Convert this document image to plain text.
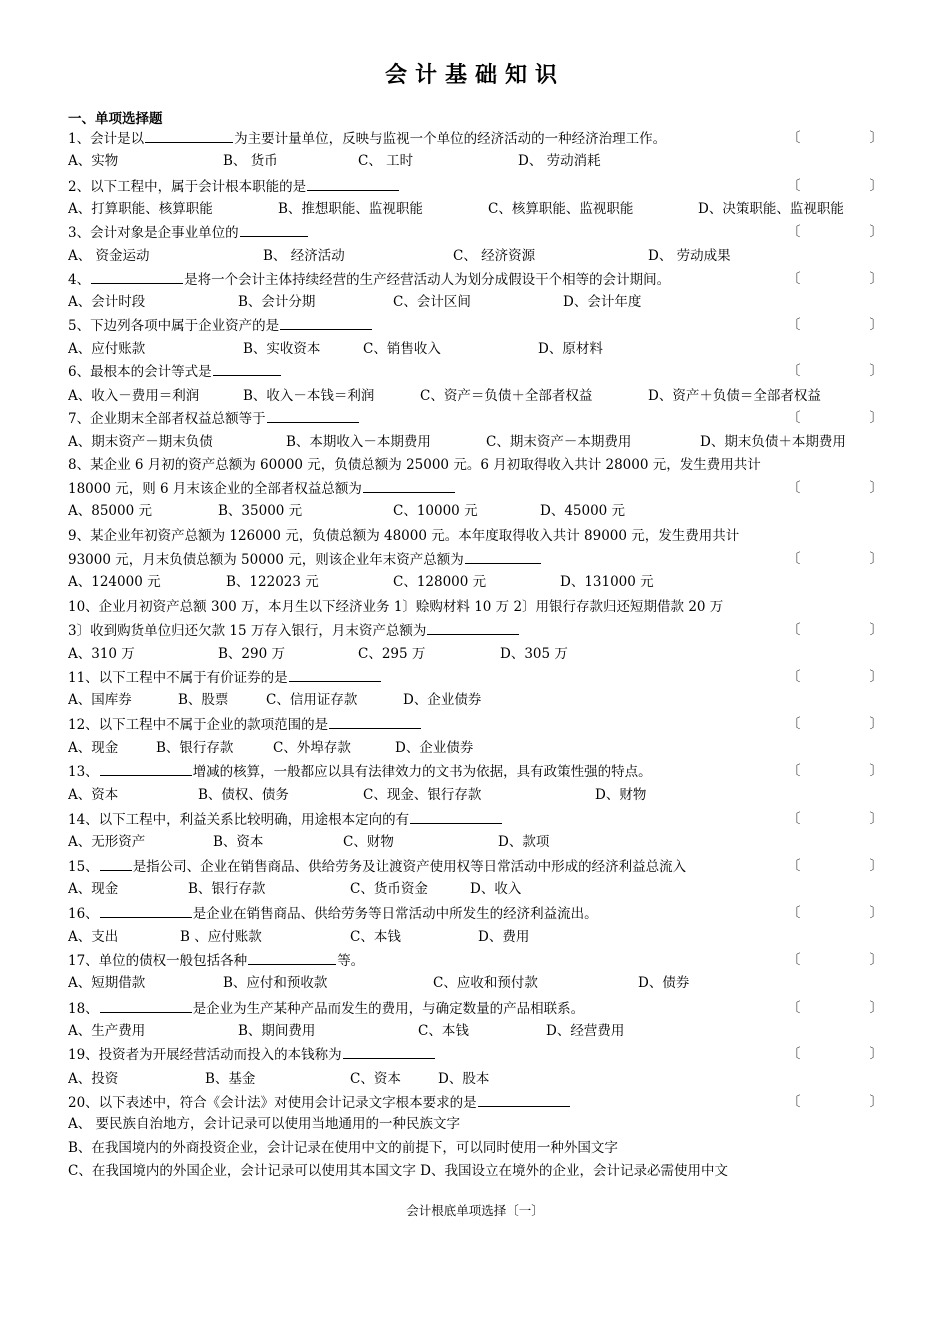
会计基础知识
一、单项选择题
1、会计是以	为主要计量单位，反映与监视一个单位的经济活动的一种经济治理工作。	〔	〕
A、实物	B、 货币	C、 工时	D、 劳动消耗
2、以下工程中，属于会计根本职能的是	〔	〕
A、打算职能、核算职能	B、推想职能、监视职能	C、核算职能、监视职能	D、决策职能、监视职能
3、会计对象是企事业单位的	〔	〕
A、 资金运动	B、 经济活动	C、 经济资源	D、 劳动成果
4、	是将一个会计主体持续经营的生产经营活动人为划分成假设干个相等的会计期间。	〔	〕
A、会计时段	B、会计分期	C、会计区间	D、会计年度
5、下边列各项中属于企业资产的是	〔	〕
A、应付账款	B、实收资本	C、销售收入	D、原材料
6、最根本的会计等式是	〔	〕
A、收入－费用＝利润	B、收入－本钱＝利润	C、资产＝负债＋全部者权益	D、资产＋负债＝全部者权益
7、企业期末全部者权益总额等于	〔	〕
A、期末资产－期末负债	B、本期收入－本期费用	C、期末资产－本期费用	D、期末负债＋本期费用
8、某企业 6 月初的资产总额为 60000 元，负债总额为 25000 元。6 月初取得收入共计 28000 元，发生费用共计
18000 元，则 6 月末该企业的全部者权益总额为	〔	〕
A、85000 元	B、35000 元	C、10000 元	D、45000 元
9、某企业年初资产总额为 126000 元，负债总额为 48000 元。本年度取得收入共计 89000 元，发生费用共计
93000 元，月末负债总额为 50000 元，则该企业年末资产总额为	〔	〕
A、124000 元	B、122023 元	C、128000 元	D、131000 元
10、企业月初资产总额 300 万，本月生以下经济业务 1〕赊购材料 10 万 2〕用银行存款归还短期借款 20 万
3〕收到购货单位归还欠款 15 万存入银行，月末资产总额为	〔	〕
A、310 万	B、290 万	C、295 万	D、305 万
11、以下工程中不属于有价证券的是	〔	〕
A、国库券	B、股票	C、信用证存款	D、企业债券
12、以下工程中不属于企业的款项范围的是	〔	〕
A、现金	B、银行存款	C、外埠存款	D、企业债券
13、	增减的核算，一般都应以具有法律效力的文书为依据，具有政策性强的特点。	〔	〕
A、资本	B、债权、债务	C、现金、银行存款	D、财物
14、以下工程中，利益关系比较明确，用途根本定向的有	〔	〕
A、无形资产	B、资本	C、财物	D、款项
15、	是指公司、企业在销售商品、供给劳务及让渡资产使用权等日常活动中形成的经济利益总流入	〔	〕
A、现金	B、银行存款	C、货币资金	D、收入
16、	是企业在销售商品、供给劳务等日常活动中所发生的经济利益流出。	〔	〕
A、支出	B 、应付账款	C、本钱	D、费用
17、单位的债权一般包括各种	等。	〔	〕
A、短期借款	B、应付和预收款	C、应收和预付款	D、债券
18、	是企业为生产某种产品而发生的费用，与确定数量的产品相联系。	〔	〕
A、生产费用	B、期间费用	C、本钱	D、经营费用
19、投资者为开展经营活动而投入的本钱称为	〔	〕
A、投资	B、基金	C、资本	D、股本
20、以下表述中，符合《会计法》对使用会计记录文字根本要求的是	〔	〕
A、 要民族自治地方，会计记录可以使用当地通用的一种民族文字
B、在我国境内的外商投资企业，会计记录在使用中文的前提下，可以同时使用一种外国文字
C、在我国境内的外国企业，会计记录可以使用其本国文字 D、我国设立在境外的企业，会计记录必需使用中文
会计根底单项选择〔一〕
